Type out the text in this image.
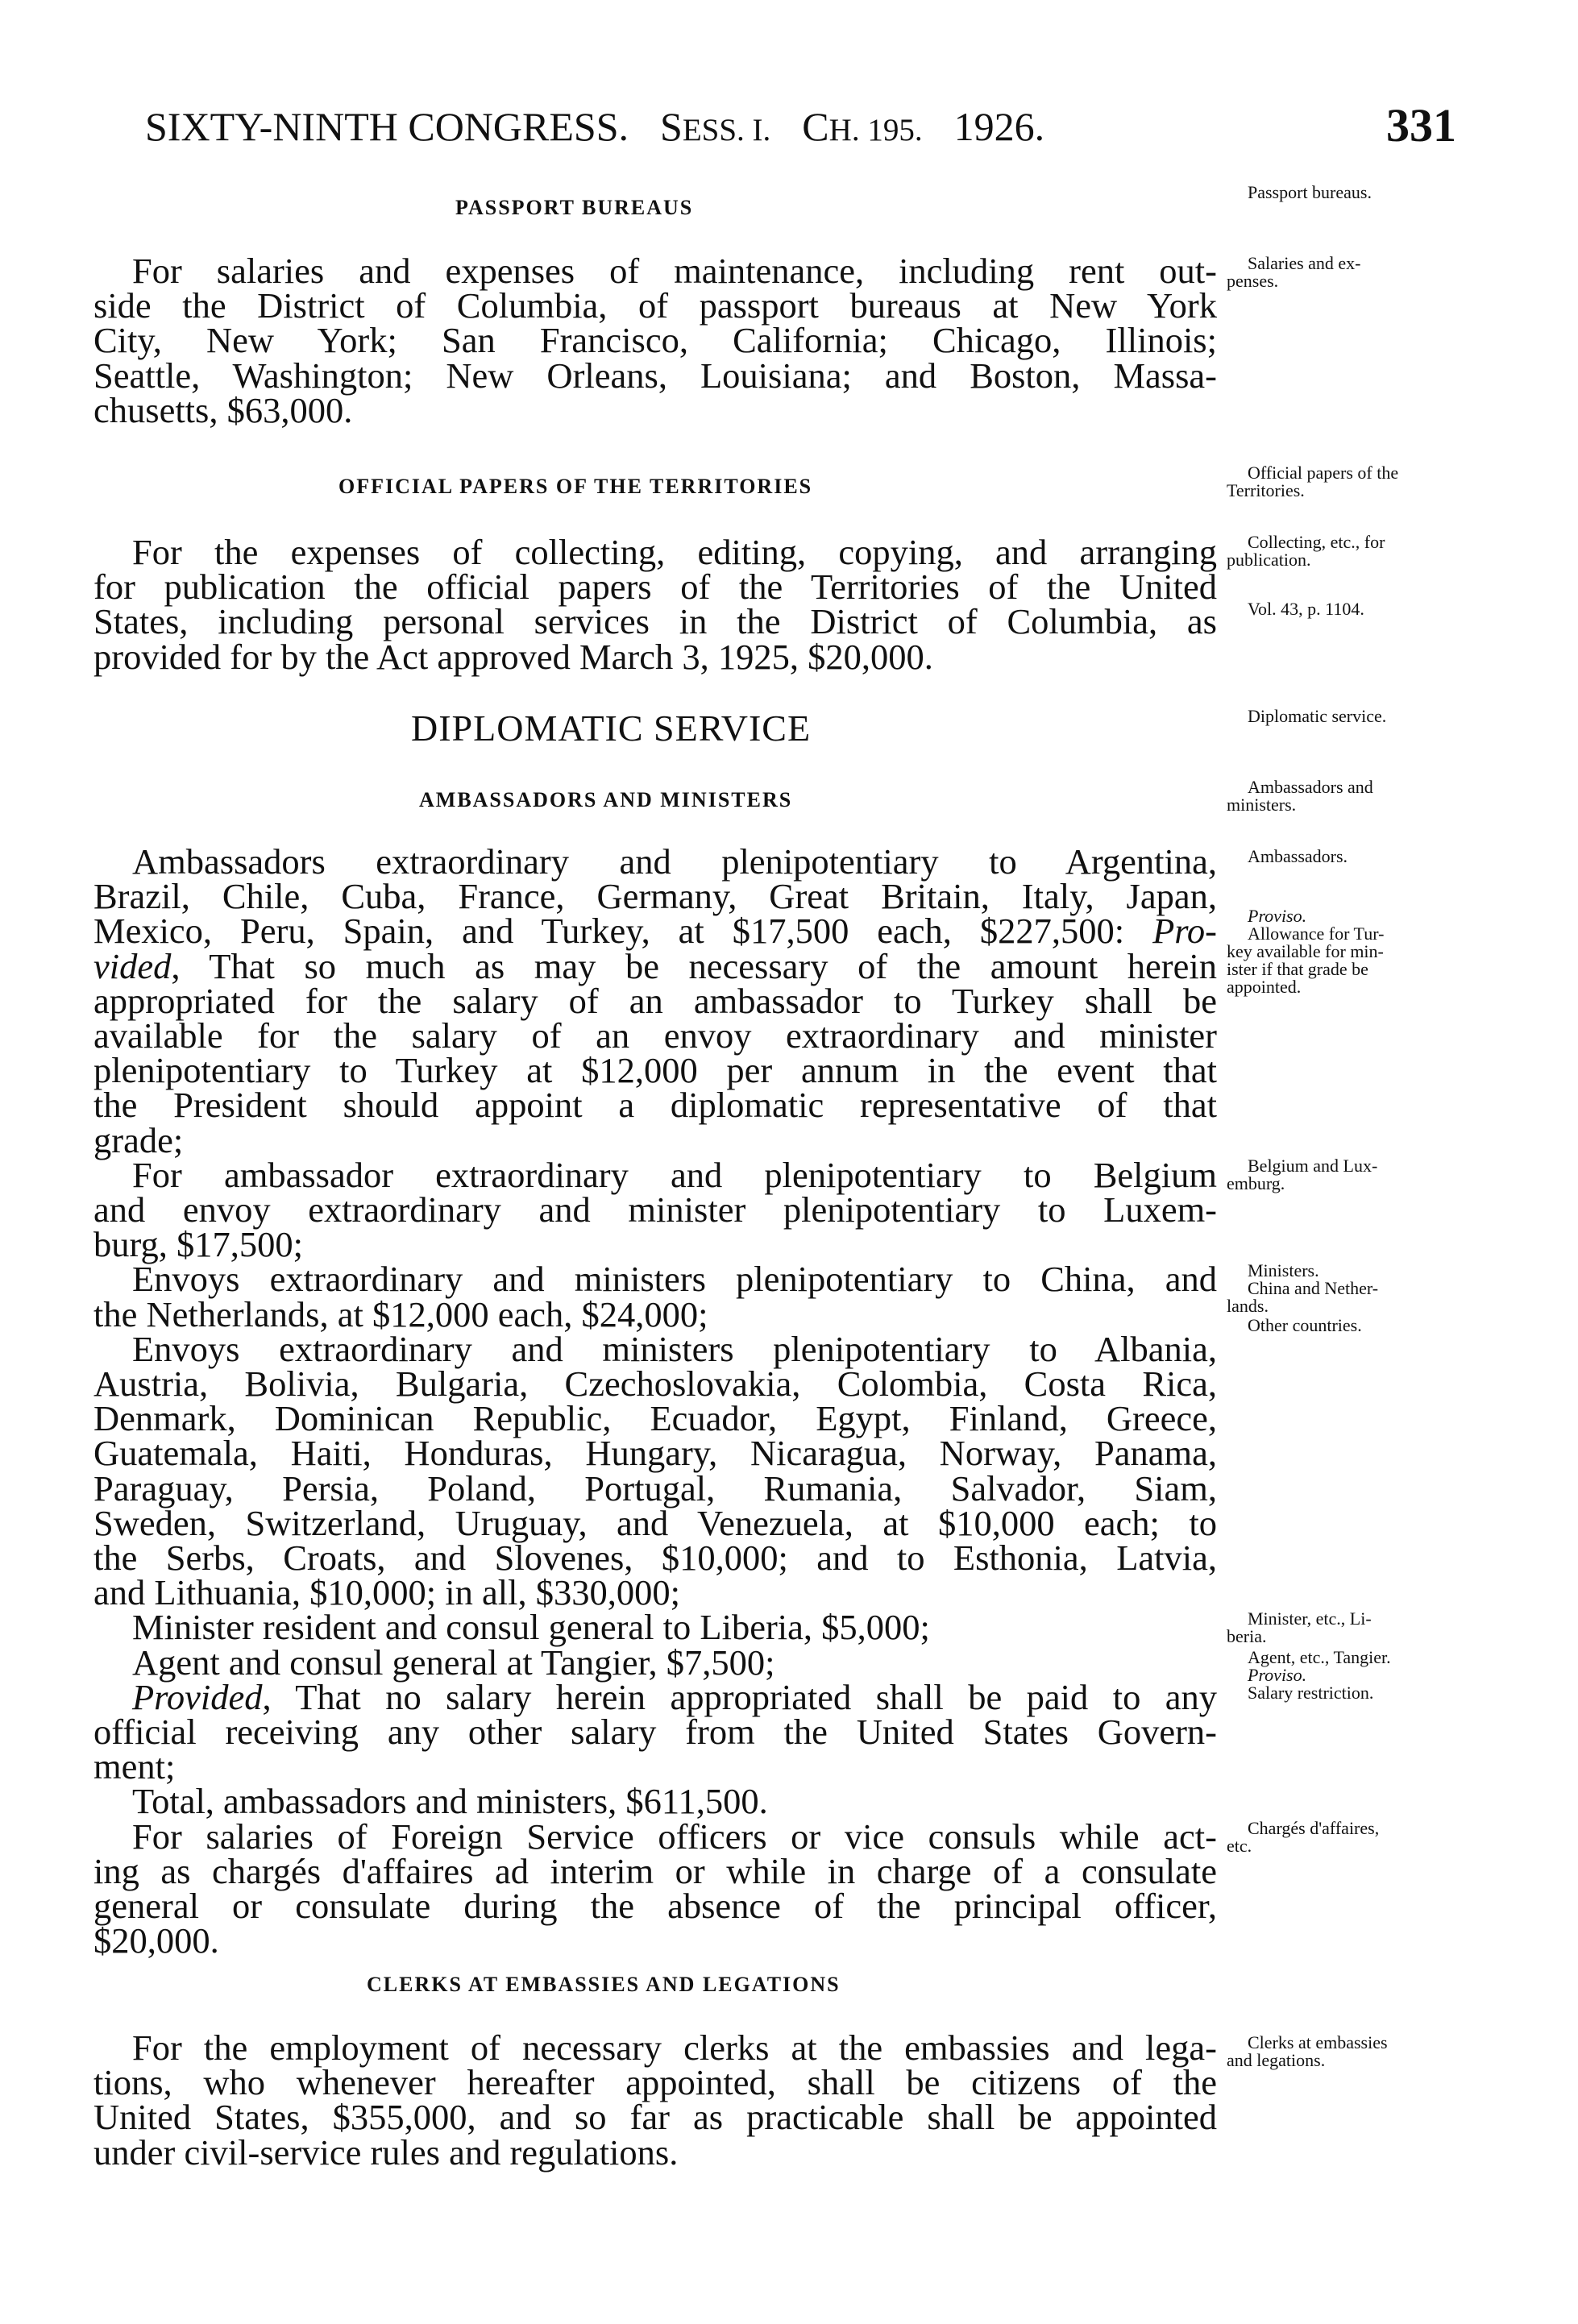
SIXTY-NINTH CONGRESS. SESS. I. CH. 195. 1926.	331
PASSPORT BUREAUS
For salaries and expenses of maintenance, including rent out-
side the District of Columbia, of passport bureaus at New York
City, New York; San Francisco, California; Chicago, Illinois;
Seattle, Washington; New Orleans, Louisiana; and Boston, Massa-
chusetts, $63,000.
OFFICIAL PAPERS OF THE TERRITORIES
For the expenses of collecting, editing, copying, and arranging
for publication the official papers of the Territories of the United
States, including personal services in the District of Columbia, as
provided for by the Act approved March 3, 1925, $20,000.
DIPLOMATIC SERVICE
AMBASSADORS AND MINISTERS
Ambassadors extraordinary and plenipotentiary to Argentina,
Brazil, Chile, Cuba, France, Germany, Great Britain, Italy, Japan,
Mexico, Peru, Spain, and Turkey, at $17,500 each, $227,500: Pro-
vided, That so much as may be necessary of the amount herein
appropriated for the salary of an ambassador to Turkey shall be
available for the salary of an envoy extraordinary and minister
plenipotentiary to Turkey at $12,000 per annum in the event that
the President should appoint a diplomatic representative of that
grade;
For ambassador extraordinary and plenipotentiary to Belgium
and envoy extraordinary and minister plenipotentiary to Luxem-
burg, $17,500;
Envoys extraordinary and ministers plenipotentiary to China, and
the Netherlands, at $12,000 each, $24,000;
Envoys extraordinary and ministers plenipotentiary to Albania,
Austria, Bolivia, Bulgaria, Czechoslovakia, Colombia, Costa Rica,
Denmark, Dominican Republic, Ecuador, Egypt, Finland, Greece,
Guatemala, Haiti, Honduras, Hungary, Nicaragua, Norway, Panama,
Paraguay, Persia, Poland, Portugal, Rumania, Salvador, Siam,
Sweden, Switzerland, Uruguay, and Venezuela, at $10,000 each; to
the Serbs, Croats, and Slovenes, $10,000; and to Esthonia, Latvia,
and Lithuania, $10,000; in all, $330,000;
Minister resident and consul general to Liberia, $5,000;
Agent and consul general at Tangier, $7,500;
Provided, That no salary herein appropriated shall be paid to any
official receiving any other salary from the United States Govern-
ment;
Total, ambassadors and ministers, $611,500.
For salaries of Foreign Service officers or vice consuls while act-
ing as chargés d'affaires ad interim or while in charge of a consulate
general or consulate during the absence of the principal officer,
$20,000.
CLERKS AT EMBASSIES AND LEGATIONS
For the employment of necessary clerks at the embassies and lega-
tions, who whenever hereafter appointed, shall be citizens of the
United States, $355,000, and so far as practicable shall be appointed
under civil-service rules and regulations.
Passport bureaus.
Salaries and ex-
penses.
Official papers of the
Territories.
Collecting, etc., for
publication.
Vol. 43, p. 1104.
Diplomatic service.
Ambassadors and
ministers.
Ambassadors.
Proviso.
Allowance for Tur-
key available for min-
ister if that grade be
appointed.
Belgium and Lux-
emburg.
Ministers.
China and Nether-
lands.
Other countries.
Minister, etc., Li-
beria.
Agent, etc., Tangier.
Proviso.
Salary restriction.
Chargés d'affaires,
etc.
Clerks at embassies
and legations.
